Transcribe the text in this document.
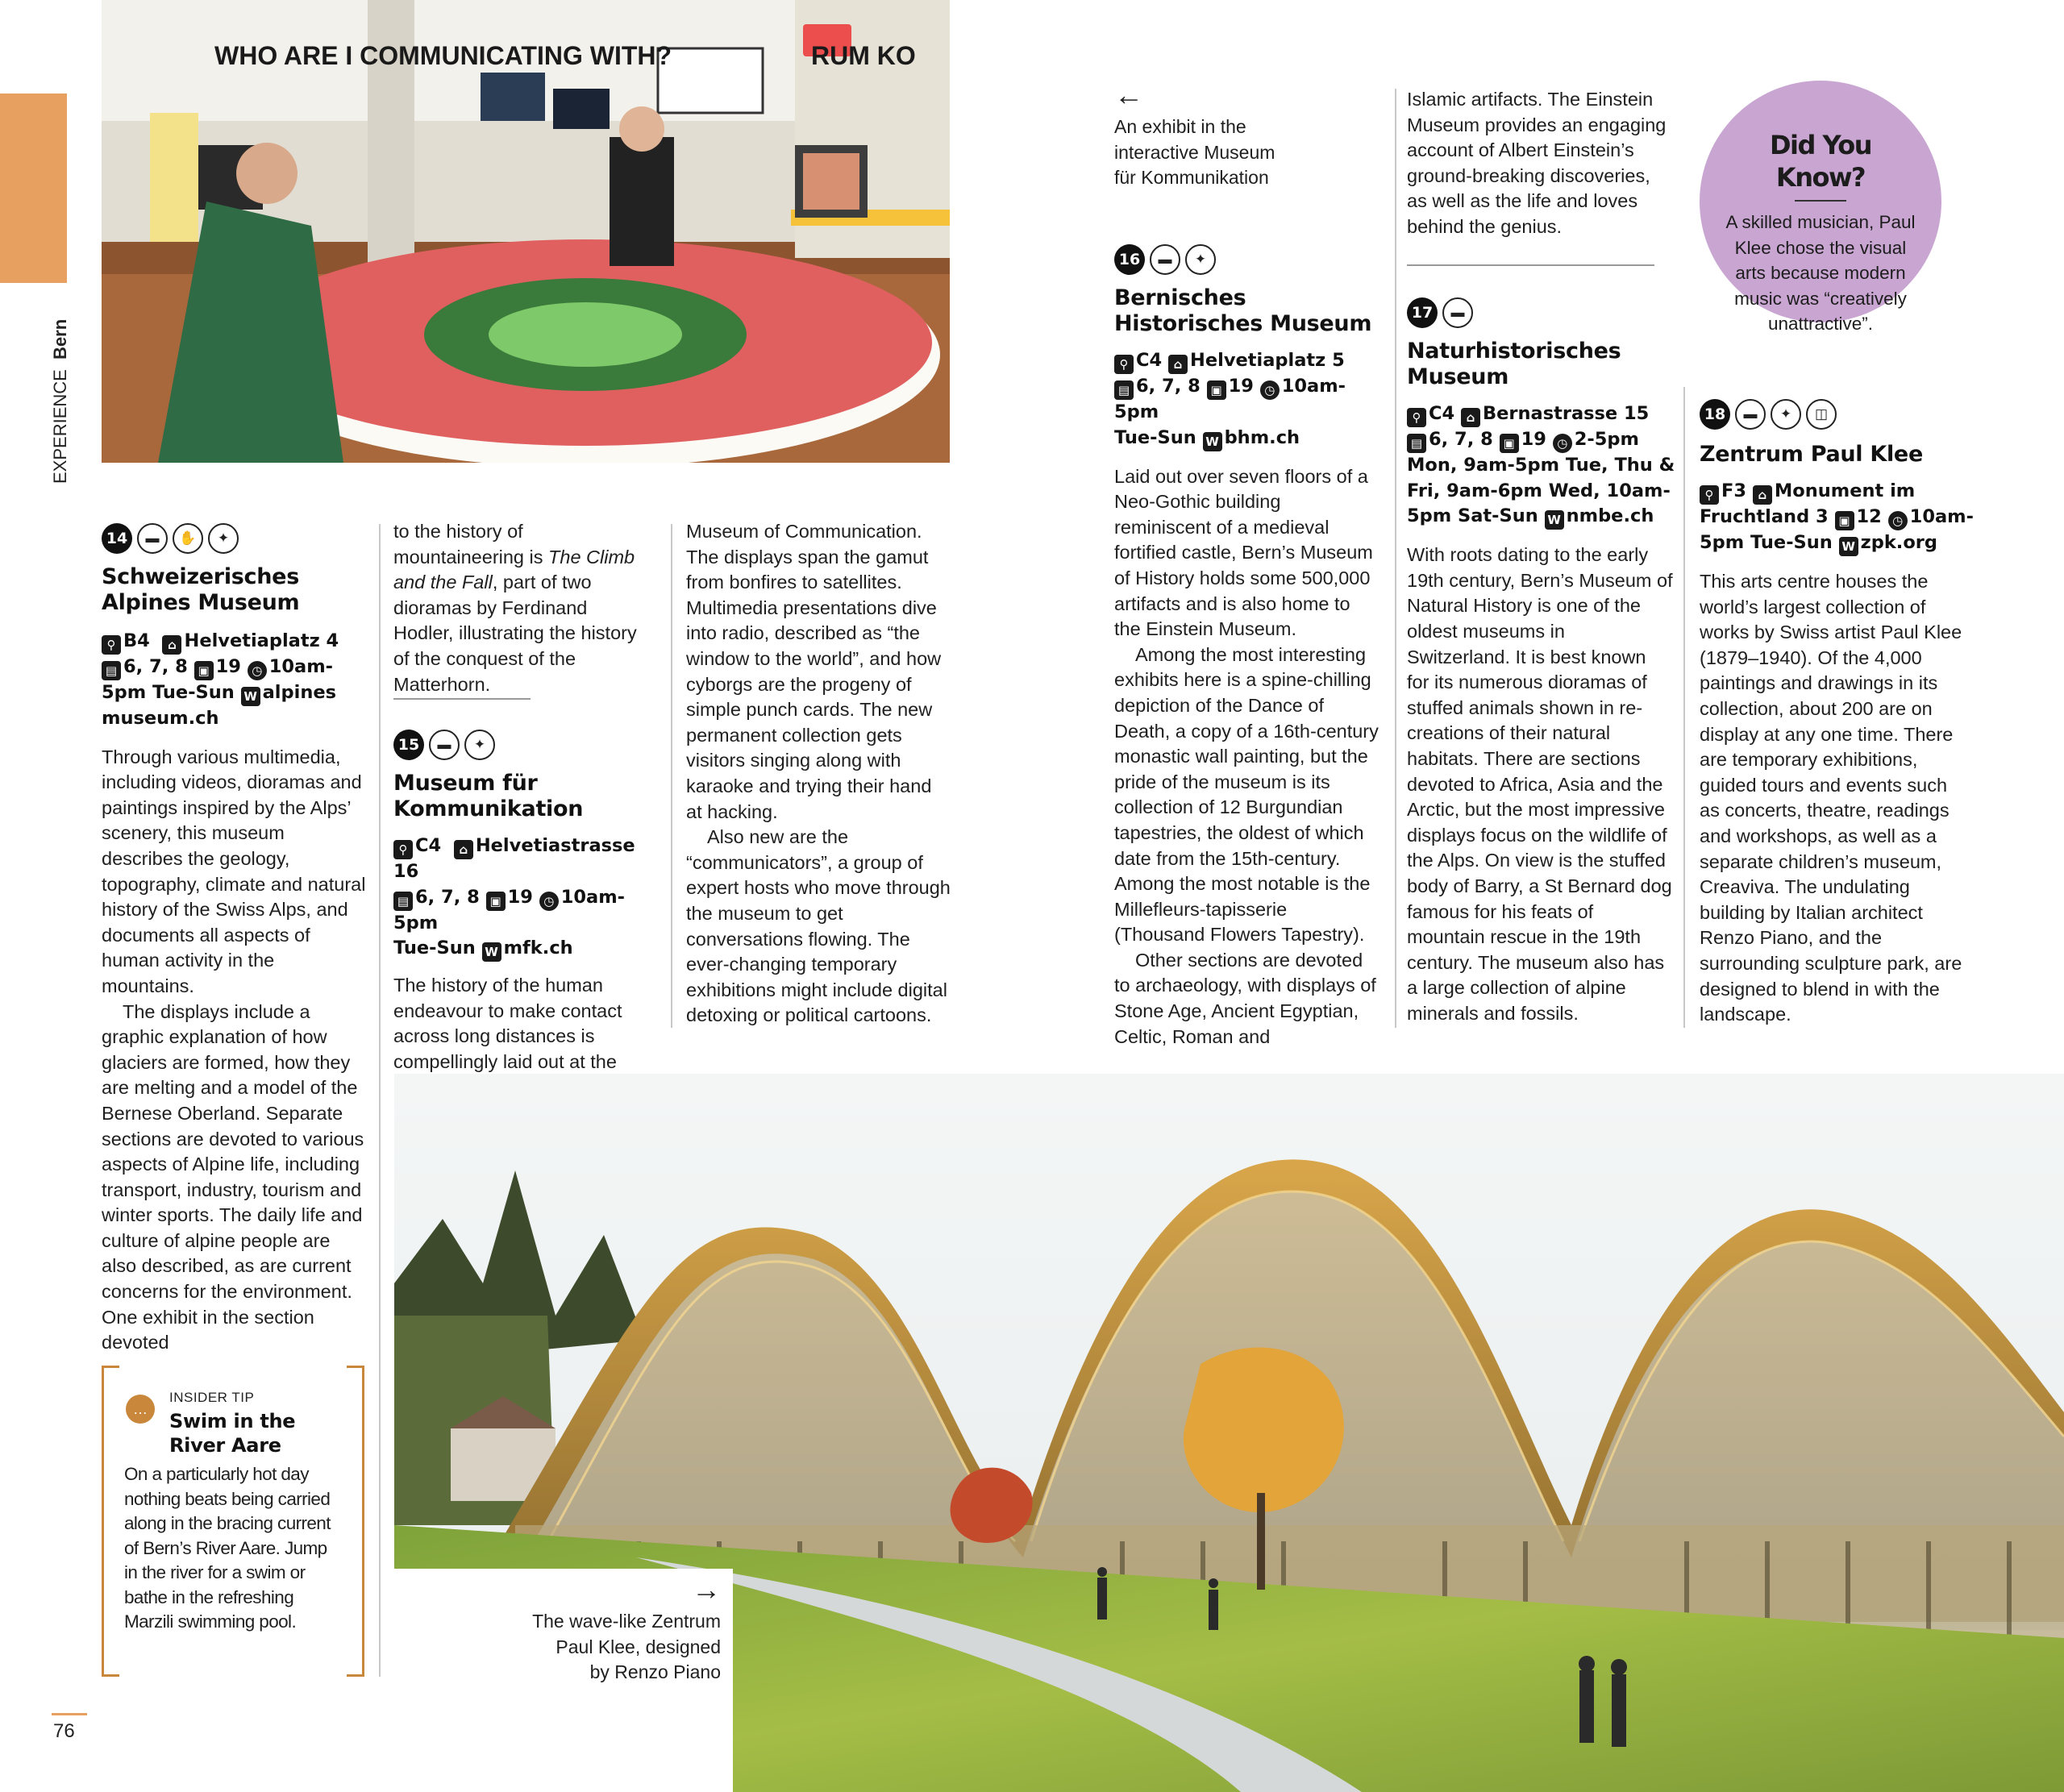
EXPERIENCE  Bern
76
WHO ARE I COMMUNICATING WITH?	RUM KO
←
An exhibit in the
interactive Museum
für Kommunikation
14	▬	✋	✦
Schweizerisches
Alpines Museum
⚲ B4 ⌂ Helvetiaplatz 4
▤ 6, 7, 8 ▣ 19 ◷ 10am-
5pm Tue-Sun W alpines
museum.ch

Through various multimedia, including videos, dioramas and paintings inspired by the Alps’ scenery, this museum describes the geology, topography, climate and natural history of the Swiss Alps, and documents all aspects of human activity in the mountains.

The displays include a graphic explanation of how glaciers are formed, how they are melting and a model of the Bernese Oberland. Separate sections are devoted to various aspects of Alpine life, including transport, industry, tourism and winter sports. The daily life and culture of alpine people are also described, as are current concerns for the environment. One exhibit in the section devoted

to the history of mountaineering is The Climb and the Fall, part of two dioramas by Ferdinand Hodler, illustrating the history of the conquest of the Matterhorn.

15	▬	✦
Museum für
Kommunikation
⚲ C4 ⌂ Helvetiastrasse 16
▤ 6, 7, 8 ▣ 19 ◷ 10am-5pm
Tue-Sun W mfk.ch

The history of the human endeavour to make contact across long distances is compellingly laid out at the

Museum of Communication. The displays span the gamut from bonfires to satellites. Multimedia presentations dive into radio, described as “the window to the world”, and how cyborgs are the progeny of simple punch cards. The new permanent collection gets visitors singing along with karaoke and trying their hand at hacking.

Also new are the “communicators”, a group of expert hosts who move through the museum to get conversations flowing. The ever-changing temporary exhibitions might include digital detoxing or political cartoons.

16	▬	✦
Bernisches
Historisches Museum
⚲ C4 ⌂ Helvetiaplatz 5
▤ 6, 7, 8 ▣ 19 ◷ 10am-5pm
Tue-Sun W bhm.ch

Laid out over seven floors of a Neo-Gothic building reminiscent of a medieval fortified castle, Bern’s Museum of History holds some 500,000 artifacts and is also home to the Einstein Museum.

Among the most interesting exhibits here is a spine-chilling depiction of the Dance of Death, a copy of a 16th-century monastic wall painting, but the pride of the museum is its collection of 12 Burgundian tapestries, the oldest of which date from the 15th-century. Among the most notable is the Millefleurs-tapisserie (Thousand Flowers Tapestry).

Other sections are devoted to archaeology, with displays of Stone Age, Ancient Egyptian, Celtic, Roman and

Islamic artifacts. The Einstein Museum provides an engaging account of Albert Einstein’s ground-breaking discoveries, as well as the life and loves behind the genius.

17	▬
Naturhistorisches
Museum
⚲ C4 ⌂ Bernastrasse 15
▤ 6, 7, 8 ▣ 19 ◷ 2-5pm
Mon, 9am-5pm Tue, Thu &
Fri, 9am-6pm Wed, 10am-
5pm Sat-Sun W nmbe.ch

With roots dating to the early 19th century, Bern’s Museum of Natural History is one of the oldest museums in Switzerland. It is best known for its numerous dioramas of stuffed animals shown in re-creations of their natural habitats. There are sections devoted to Africa, Asia and the Arctic, but the most impressive displays focus on the wildlife of the Alps. On view is the stuffed body of Barry, a St Bernard dog famous for his feats of mountain rescue in the 19th century. The museum also has a large collection of alpine minerals and fossils.

Did You Know?
A skilled musician, Paul Klee chose the visual arts because modern music was “creatively unattractive”.
18	▬	✦	◫
Zentrum Paul Klee
⚲ F3 ⌂ Monument im
Fruchtland 3 ▣ 12 ◷ 10am-
5pm Tue-Sun W zpk.org

This arts centre houses the world’s largest collection of works by Swiss artist Paul Klee (1879–1940). Of the 4,000 paintings and drawings in its collection, about 200 are on display at any one time. There are temporary exhibitions, guided tours and events such as concerts, theatre, readings and workshops, as well as a separate children’s museum, Creaviva. The undulating building by Italian architect Renzo Piano, and the surrounding sculpture park, are designed to blend in with the landscape.

…
INSIDER TIP
Swim in the
River Aare
On a particularly hot day nothing beats being carried along in the bracing current of Bern’s River Aare. Jump in the river for a swim or bathe in the refreshing Marzili swimming pool.
→
The wave-like Zentrum
Paul Klee, designed
by Renzo Piano
